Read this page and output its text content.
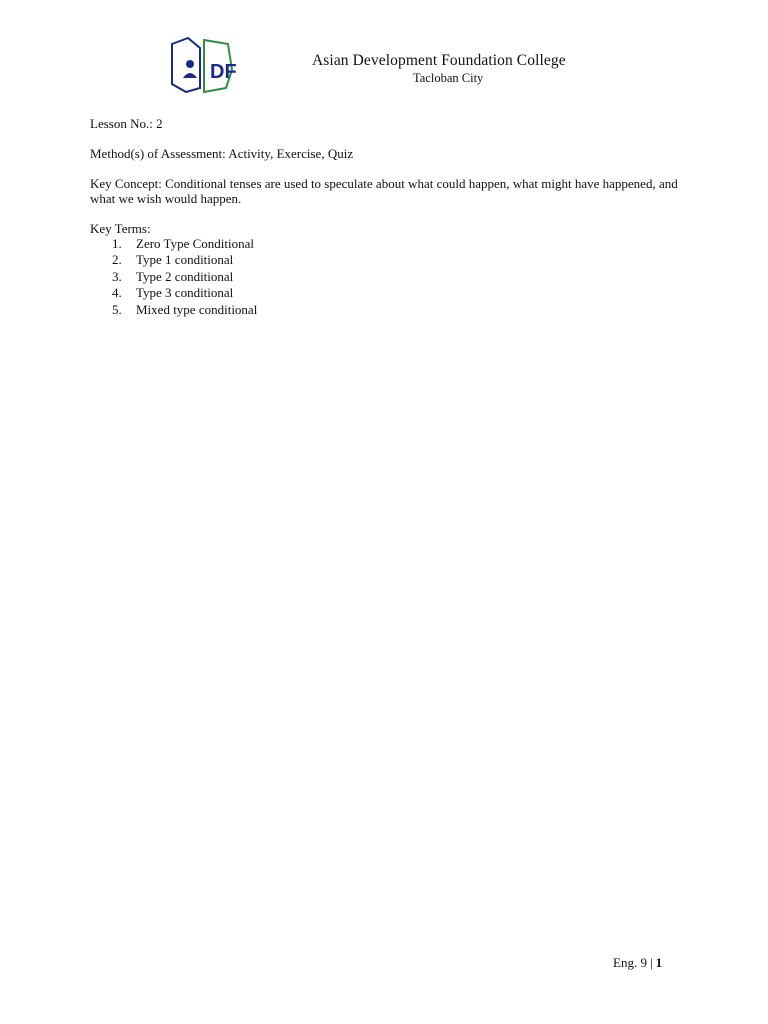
DF
Asian Development Foundation College
Tacloban City
Lesson No.: 2
Method(s) of Assessment: Activity, Exercise, Quiz
Key Concept: Conditional tenses are used to speculate about what could happen, what might have happened, and what we wish would happen.
Key Terms:
1.	Zero Type Conditional
2.	Type 1 conditional
3.	Type 2 conditional
4.	Type 3 conditional
5.	Mixed type conditional
Eng. 9 | 1
